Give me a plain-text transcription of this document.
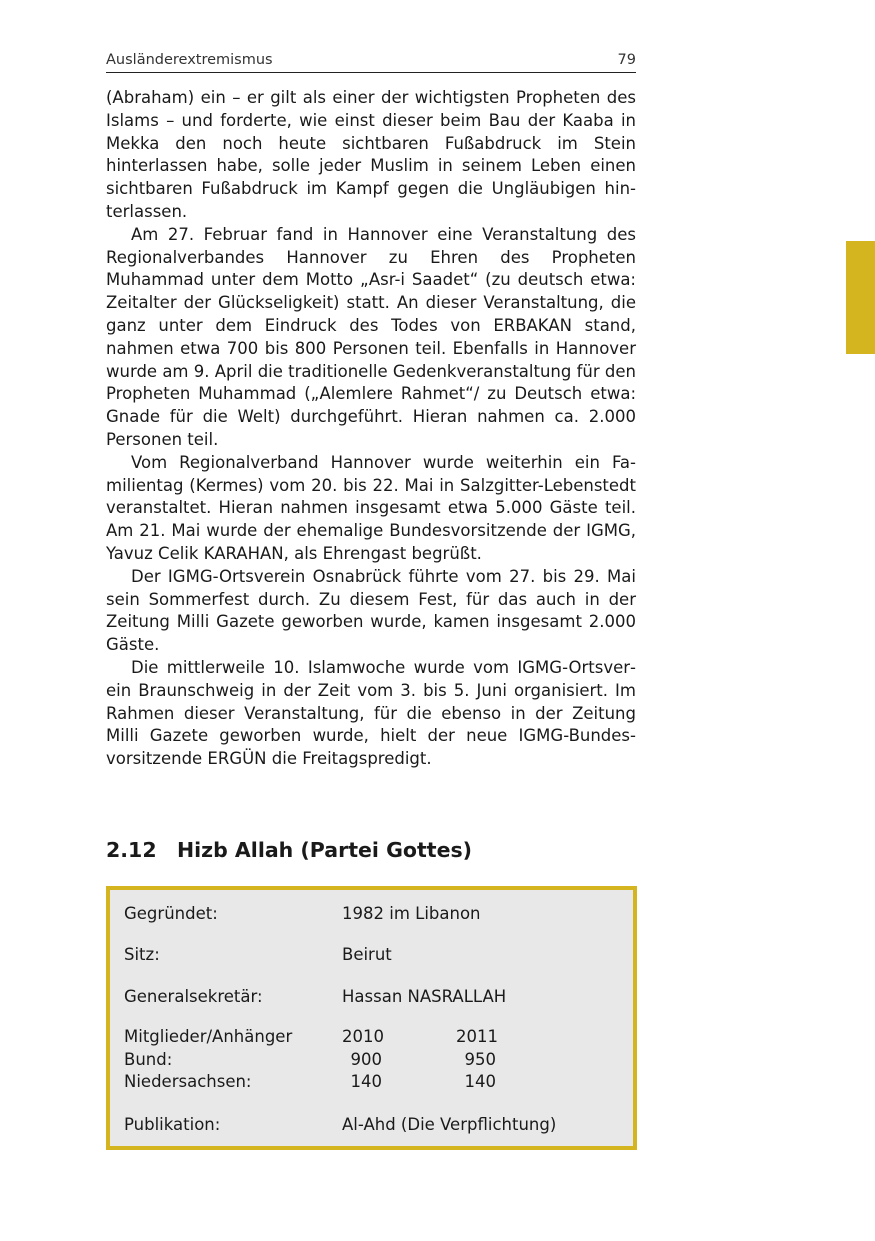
Ausländerextremismus	79

(Abraham) ein – er gilt als einer der wichtigsten Propheten des Islams – und forderte, wie einst dieser beim Bau der Kaaba in Mekka den noch heute sichtbaren Fußabdruck im Stein hinterlassen habe, solle jeder Muslim in seinem Leben einen sichtbaren Fußabdruck im Kampf gegen die Ungläubigen hinterlassen.

Am 27. Februar fand in Hannover eine Veranstaltung des Regionalverbandes Hannover zu Ehren des Propheten Muhammad unter dem Motto „Asr-i Saadet“ (zu deutsch etwa: Zeitalter der Glückseligkeit) statt. An dieser Veranstaltung, die ganz unter dem Eindruck des Todes von ERBAKAN stand, nahmen etwa 700 bis 800 Personen teil. Ebenfalls in Hannover wurde am 9. April die traditionelle Gedenkveranstaltung für den Propheten Muhammad („Alemlere Rahmet“/ zu Deutsch etwa: Gnade für die Welt) durchgeführt. Hieran nahmen ca. 2.000 Personen teil.

Vom Regionalverband Hannover wurde weiterhin ein Familientag (Kermes) vom 20. bis 22. Mai in Salzgitter-Lebenstedt veranstaltet. Hieran nahmen insgesamt etwa 5.000 Gäste teil. Am 21. Mai wurde der ehemalige Bundesvorsitzende der IGMG, Yavuz Celik KARAHAN, als Ehrengast begrüßt.

Der IGMG-Ortsverein Osnabrück führte vom 27. bis 29. Mai sein Sommerfest durch. Zu diesem Fest, für das auch in der Zeitung Milli Gazete geworben wurde, kamen insgesamt 2.000 Gäste.

Die mittlerweile 10. Islamwoche wurde vom IGMG-Ortsverein Braunschweig in der Zeit vom 3. bis 5. Juni organisiert. Im Rahmen dieser Veranstaltung, für die ebenso in der Zeitung Milli Gazete geworben wurde, hielt der neue IGMG-Bundesvorsitzende ERGÜN die Freitagspredigt.

2.12 Hizb Allah (Partei Gottes)
Gegründet:	1982 im Libanon
Sitz:	Beirut
Generalsekretär:	Hassan NASRALLAH
Mitglieder/Anhänger	2010	2011
Bund:	900	950
Niedersachsen:	140	140
Publikation:	Al-Ahd (Die Verpflichtung)
